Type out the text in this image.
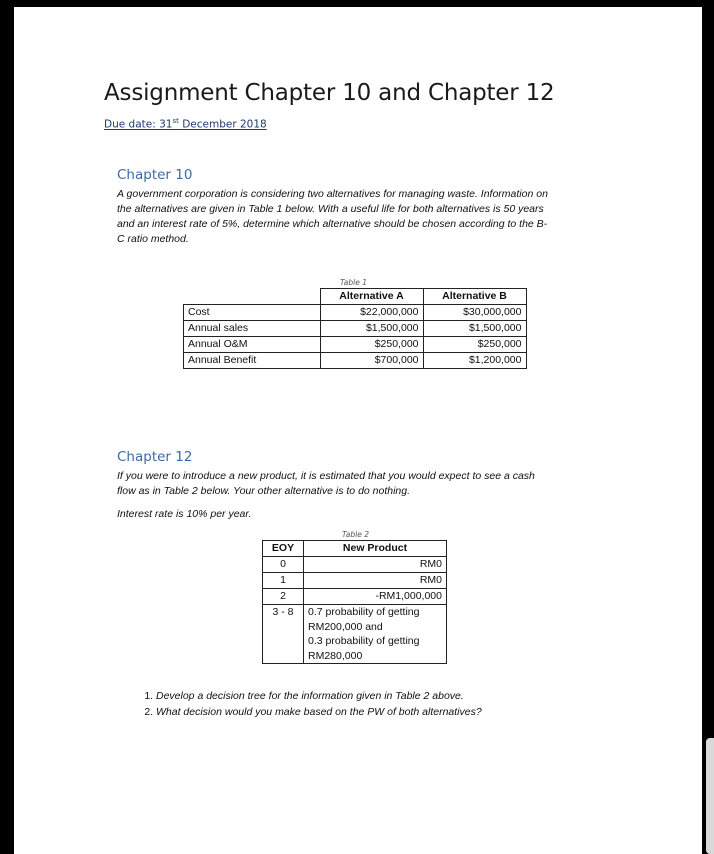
Assignment Chapter 10 and Chapter 12
Due date: 31st December 2018
Chapter 10
A government corporation is considering two alternatives for managing waste. Information on
the alternatives are given in Table 1 below. With a useful life for both alternatives is 50 years
and an interest rate of 5%, determine which alternative should be chosen according to the B-
C ratio method.
Table 1
	Alternative A	Alternative B
Cost	$22,000,000	$30,000,000
Annual sales	$1,500,000	$1,500,000
Annual O&M	$250,000	$250,000
Annual Benefit	$700,000	$1,200,000
Chapter 12
If you were to introduce a new product, it is estimated that you would expect to see a cash
flow as in Table 2 below. Your other alternative is to do nothing.
Interest rate is 10% per year.
Table 2
EOY	New Product
0	RM0
1	RM0
2	-RM1,000,000
3 - 8	0.7 probability of getting
RM200,000 and
0.3 probability of getting
RM280,000
1. Develop a decision tree for the information given in Table 2 above.
2. What decision would you make based on the PW of both alternatives?
